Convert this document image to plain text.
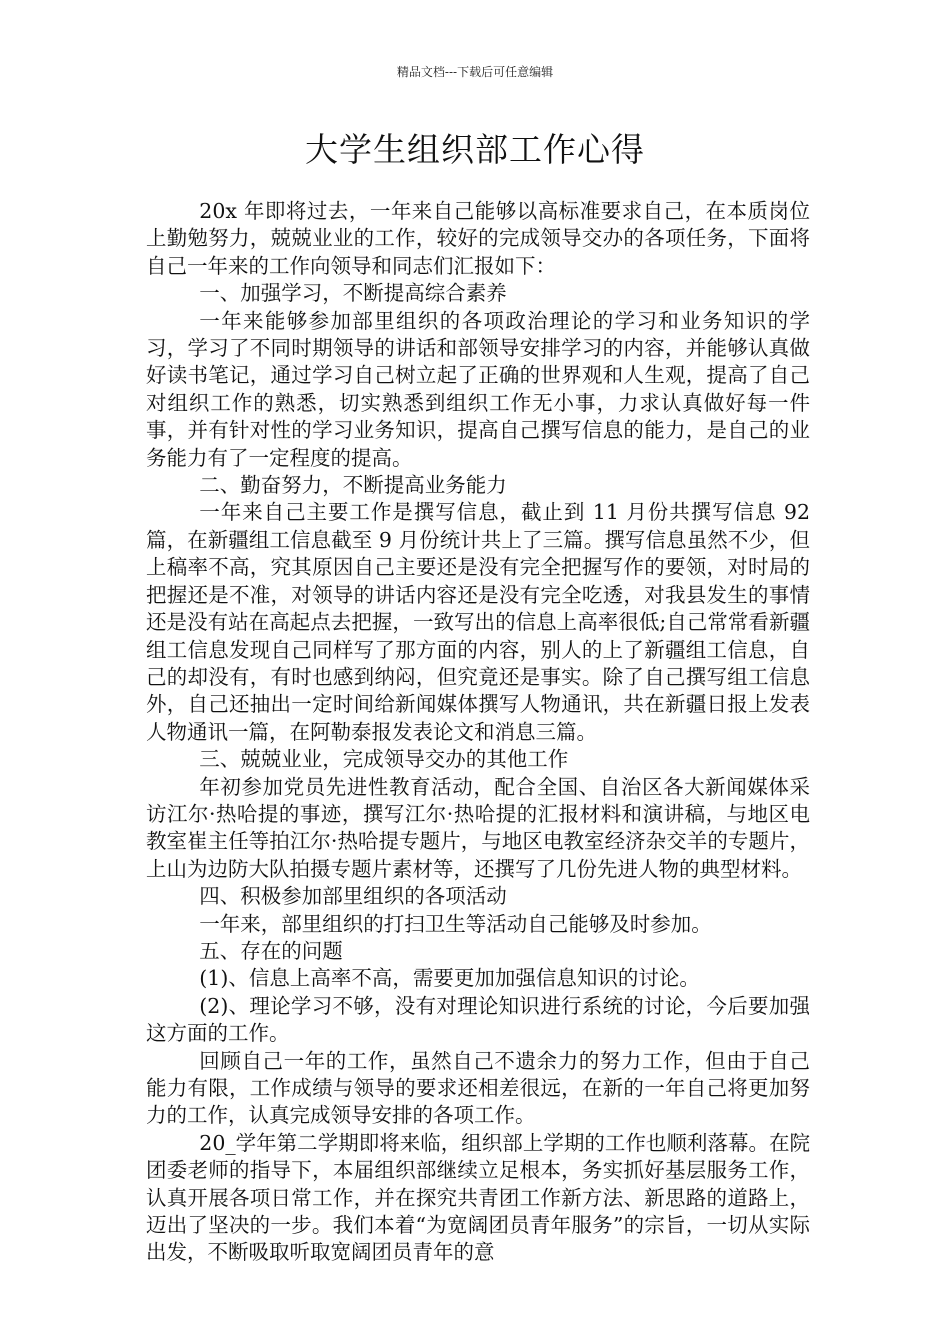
精品文档---下载后可任意编辑
大学生组织部工作心得

20x 年即将过去，一年来自己能够以高标准要求自己，在本质岗位上勤勉努力，兢兢业业的工作，较好的完成领导交办的各项任务，下面将自己一年来的工作向领导和同志们汇报如下：

一、加强学习，不断提高综合素养

一年来能够参加部里组织的各项政治理论的学习和业务知识的学习，学习了不同时期领导的讲话和部领导安排学习的内容，并能够认真做好读书笔记，通过学习自己树立起了正确的世界观和人生观，提高了自己对组织工作的熟悉，切实熟悉到组织工作无小事，力求认真做好每一件事，并有针对性的学习业务知识，提高自己撰写信息的能力，是自己的业务能力有了一定程度的提高。

二、勤奋努力，不断提高业务能力

一年来自己主要工作是撰写信息，截止到 11 月份共撰写信息 92 篇，在新疆组工信息截至 9 月份统计共上了三篇。撰写信息虽然不少，但上稿率不高，究其原因自己主要还是没有完全把握写作的要领，对时局的把握还是不准，对领导的讲话内容还是没有完全吃透，对我县发生的事情还是没有站在高起点去把握，一致写出的信息上高率很低;自己常常看新疆组工信息发现自己同样写了那方面的内容，别人的上了新疆组工信息，自己的却没有，有时也感到纳闷，但究竟还是事实。除了自己撰写组工信息外，自己还抽出一定时间给新闻媒体撰写人物通讯，共在新疆日报上发表人物通讯一篇，在阿勒泰报发表论文和消息三篇。

三、兢兢业业，完成领导交办的其他工作

年初参加党员先进性教育活动，配合全国、自治区各大新闻媒体采访江尔·热哈提的事迹，撰写江尔·热哈提的汇报材料和演讲稿，与地区电教室崔主任等拍江尔·热哈提专题片，与地区电教室经济杂交羊的专题片，上山为边防大队拍摄专题片素材等，还撰写了几份先进人物的典型材料。

四、积极参加部里组织的各项活动

一年来，部里组织的打扫卫生等活动自己能够及时参加。

五、存在的问题

(1)、信息上高率不高，需要更加加强信息知识的讨论。

(2)、理论学习不够，没有对理论知识进行系统的讨论，今后要加强这方面的工作。

回顾自己一年的工作，虽然自己不遗余力的努力工作，但由于自己能力有限，工作成绩与领导的要求还相差很远，在新的一年自己将更加努力的工作，认真完成领导安排的各项工作。

20_学年第二学期即将来临，组织部上学期的工作也顺利落幕。在院团委老师的指导下，本届组织部继续立足根本，务实抓好基层服务工作，认真开展各项日常工作，并在探究共青团工作新方法、新思路的道路上，迈出了坚决的一步。我们本着“为宽阔团员青年服务”的宗旨，一切从实际出发，不断吸取听取宽阔团员青年的意
